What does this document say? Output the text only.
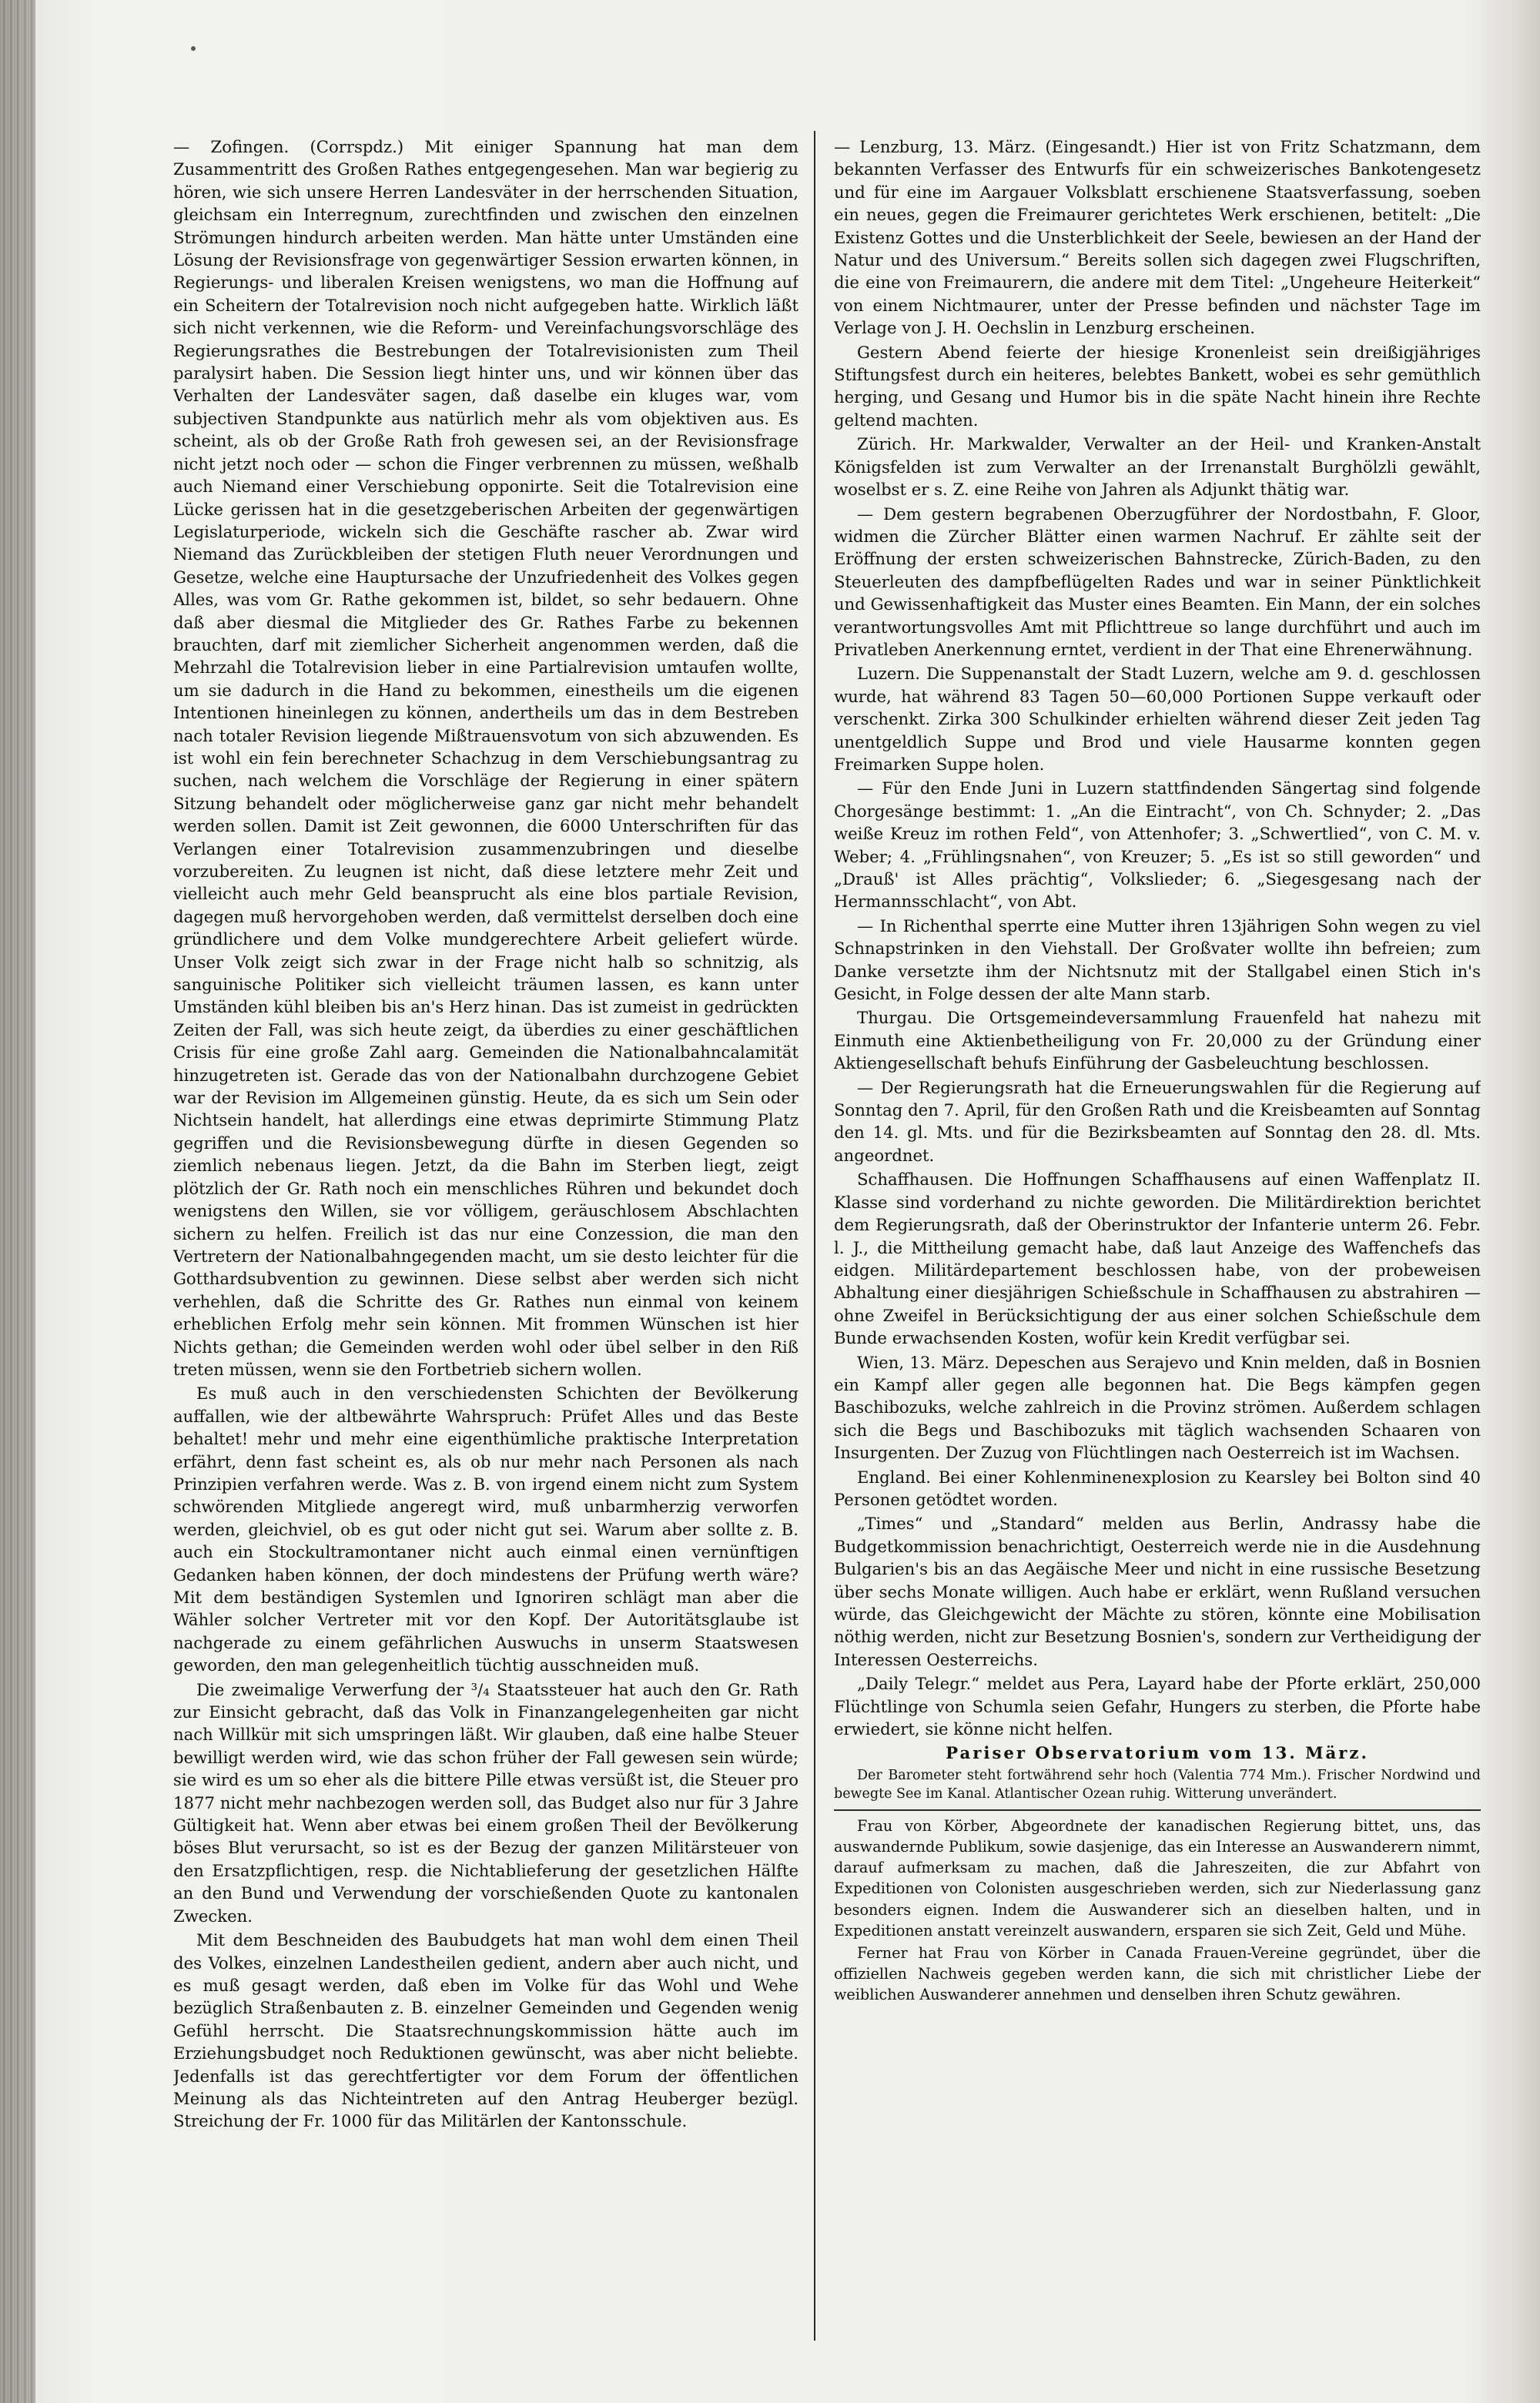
— Zofingen. (Corrspdz.) Mit einiger Spannung hat man dem Zusammentritt des Großen Rathes entgegengesehen. Man war begierig zu hören, wie sich unsere Herren Landesväter in der herrschenden Situation, gleichsam ein Interregnum, zurechtfinden und zwischen den einzelnen Strömungen hindurch arbeiten werden. Man hätte unter Umständen eine Lösung der Revisionsfrage von gegenwärtiger Session erwarten können, in Regierungs- und liberalen Kreisen wenigstens, wo man die Hoffnung auf ein Scheitern der Totalrevision noch nicht aufgegeben hatte. Wirklich läßt sich nicht verkennen, wie die Reform- und Vereinfachungsvorschläge des Regierungsrathes die Bestrebungen der Totalrevisionisten zum Theil paralysirt haben. Die Session liegt hinter uns, und wir können über das Verhalten der Landesväter sagen, daß daselbe ein kluges war, vom subjectiven Standpunkte aus natürlich mehr als vom objektiven aus. Es scheint, als ob der Große Rath froh gewesen sei, an der Revisionsfrage nicht jetzt noch oder — schon die Finger verbrennen zu müssen, weßhalb auch Niemand einer Verschiebung opponirte. Seit die Totalrevision eine Lücke gerissen hat in die gesetzgeberischen Arbeiten der gegenwärtigen Legislaturperiode, wickeln sich die Geschäfte rascher ab. Zwar wird Niemand das Zurückbleiben der stetigen Fluth neuer Verordnungen und Gesetze, welche eine Hauptursache der Unzufriedenheit des Volkes gegen Alles, was vom Gr. Rathe gekommen ist, bildet, so sehr bedauern. Ohne daß aber diesmal die Mitglieder des Gr. Rathes Farbe zu bekennen brauchten, darf mit ziemlicher Sicherheit angenommen werden, daß die Mehrzahl die Totalrevision lieber in eine Partialrevision umtaufen wollte, um sie dadurch in die Hand zu bekommen, einestheils um die eigenen Intentionen hineinlegen zu können, andertheils um das in dem Bestreben nach totaler Revision liegende Mißtrauensvotum von sich abzuwenden. Es ist wohl ein fein berechneter Schachzug in dem Verschiebungsantrag zu suchen, nach welchem die Vorschläge der Regierung in einer spätern Sitzung behandelt oder möglicherweise ganz gar nicht mehr behandelt werden sollen. Damit ist Zeit gewonnen, die 6000 Unterschriften für das Verlangen einer Totalrevision zusammenzubringen und dieselbe vorzubereiten. Zu leugnen ist nicht, daß diese letztere mehr Zeit und vielleicht auch mehr Geld beansprucht als eine blos partiale Revision, dagegen muß hervorgehoben werden, daß vermittelst derselben doch eine gründlichere und dem Volke mundgerechtere Arbeit geliefert würde. Unser Volk zeigt sich zwar in der Frage nicht halb so schnitzig, als sanguinische Politiker sich vielleicht träumen lassen, es kann unter Umständen kühl bleiben bis an's Herz hinan. Das ist zumeist in gedrückten Zeiten der Fall, was sich heute zeigt, da überdies zu einer geschäftlichen Crisis für eine große Zahl aarg. Gemeinden die Nationalbahncalamität hinzugetreten ist. Gerade das von der Nationalbahn durchzogene Gebiet war der Revision im Allgemeinen günstig. Heute, da es sich um Sein oder Nichtsein handelt, hat allerdings eine etwas deprimirte Stimmung Platz gegriffen und die Revisionsbewegung dürfte in diesen Gegenden so ziemlich nebenaus liegen. Jetzt, da die Bahn im Sterben liegt, zeigt plötzlich der Gr. Rath noch ein menschliches Rühren und bekundet doch wenigstens den Willen, sie vor völligem, geräuschlosem Abschlachten sichern zu helfen. Freilich ist das nur eine Conzession, die man den Vertretern der Nationalbahngegenden macht, um sie desto leichter für die Gotthardsubvention zu gewinnen. Diese selbst aber werden sich nicht verhehlen, daß die Schritte des Gr. Rathes nun einmal von keinem erheblichen Erfolg mehr sein können. Mit frommen Wünschen ist hier Nichts gethan; die Gemeinden werden wohl oder übel selber in den Riß treten müssen, wenn sie den Fortbetrieb sichern wollen.

Es muß auch in den verschiedensten Schichten der Bevölkerung auffallen, wie der altbewährte Wahrspruch: Prüfet Alles und das Beste behaltet! mehr und mehr eine eigenthümliche praktische Interpretation erfährt, denn fast scheint es, als ob nur mehr nach Personen als nach Prinzipien verfahren werde. Was z. B. von irgend einem nicht zum System schwörenden Mitgliede angeregt wird, muß unbarmherzig verworfen werden, gleichviel, ob es gut oder nicht gut sei. Warum aber sollte z. B. auch ein Stockultramontaner nicht auch einmal einen vernünftigen Gedanken haben können, der doch mindestens der Prüfung werth wäre? Mit dem beständigen Systemlen und Ignoriren schlägt man aber die Wähler solcher Vertreter mit vor den Kopf. Der Autoritätsglaube ist nachgerade zu einem gefährlichen Auswuchs in unserm Staatswesen geworden, den man gelegenheitlich tüchtig ausschneiden muß.

Die zweimalige Verwerfung der ³/₄ Staatssteuer hat auch den Gr. Rath zur Einsicht gebracht, daß das Volk in Finanzangelegenheiten gar nicht nach Willkür mit sich umspringen läßt. Wir glauben, daß eine halbe Steuer bewilligt werden wird, wie das schon früher der Fall gewesen sein würde; sie wird es um so eher als die bittere Pille etwas versüßt ist, die Steuer pro 1877 nicht mehr nachbezogen werden soll, das Budget also nur für 3 Jahre Gültigkeit hat. Wenn aber etwas bei einem großen Theil der Bevölkerung böses Blut verursacht, so ist es der Bezug der ganzen Militärsteuer von den Ersatzpflichtigen, resp. die Nichtablieferung der gesetzlichen Hälfte an den Bund und Verwendung der vorschießenden Quote zu kantonalen Zwecken.

Mit dem Beschneiden des Baubudgets hat man wohl dem einen Theil des Volkes, einzelnen Landestheilen gedient, andern aber auch nicht, und es muß gesagt werden, daß eben im Volke für das Wohl und Wehe bezüglich Straßenbauten z. B. einzelner Gemeinden und Gegenden wenig Gefühl herrscht. Die Staatsrechnungskommission hätte auch im Erziehungsbudget noch Reduktionen gewünscht, was aber nicht beliebte. Jedenfalls ist das gerechtfertigter vor dem Forum der öffentlichen Meinung als das Nichteintreten auf den Antrag Heuberger bezügl. Streichung der Fr. 1000 für das Militärlen der Kantonsschule.

— Lenzburg, 13. März. (Eingesandt.) Hier ist von Fritz Schatzmann, dem bekannten Verfasser des Entwurfs für ein schweizerisches Bankotengesetz und für eine im Aargauer Volksblatt erschienene Staatsverfassung, soeben ein neues, gegen die Freimaurer gerichtetes Werk erschienen, betitelt: „Die Existenz Gottes und die Unsterblichkeit der Seele, bewiesen an der Hand der Natur und des Universum.“ Bereits sollen sich dagegen zwei Flugschriften, die eine von Freimaurern, die andere mit dem Titel: „Ungeheure Heiterkeit“ von einem Nichtmaurer, unter der Presse befinden und nächster Tage im Verlage von J. H. Oechslin in Lenzburg erscheinen.

Gestern Abend feierte der hiesige Kronenleist sein dreißigjähriges Stiftungsfest durch ein heiteres, belebtes Bankett, wobei es sehr gemüthlich herging, und Gesang und Humor bis in die späte Nacht hinein ihre Rechte geltend machten.

Zürich. Hr. Markwalder, Verwalter an der Heil- und Kranken-Anstalt Königsfelden ist zum Verwalter an der Irrenanstalt Burghölzli gewählt, woselbst er s. Z. eine Reihe von Jahren als Adjunkt thätig war.

— Dem gestern begrabenen Oberzugführer der Nordostbahn, F. Gloor, widmen die Zürcher Blätter einen warmen Nachruf. Er zählte seit der Eröffnung der ersten schweizerischen Bahnstrecke, Zürich-Baden, zu den Steuerleuten des dampfbeflügelten Rades und war in seiner Pünktlichkeit und Gewissenhaftigkeit das Muster eines Beamten. Ein Mann, der ein solches verantwortungsvolles Amt mit Pflichttreue so lange durchführt und auch im Privatleben Anerkennung erntet, verdient in der That eine Ehrenerwähnung.

Luzern. Die Suppenanstalt der Stadt Luzern, welche am 9. d. geschlossen wurde, hat während 83 Tagen 50—60,000 Portionen Suppe verkauft oder verschenkt. Zirka 300 Schulkinder erhielten während dieser Zeit jeden Tag unentgeldlich Suppe und Brod und viele Hausarme konnten gegen Freimarken Suppe holen.

— Für den Ende Juni in Luzern stattfindenden Sängertag sind folgende Chorgesänge bestimmt: 1. „An die Eintracht“, von Ch. Schnyder; 2. „Das weiße Kreuz im rothen Feld“, von Attenhofer; 3. „Schwertlied“, von C. M. v. Weber; 4. „Frühlingsnahen“, von Kreuzer; 5. „Es ist so still geworden“ und „Drauß' ist Alles prächtig“, Volkslieder; 6. „Siegesgesang nach der Hermannsschlacht“, von Abt.

— In Richenthal sperrte eine Mutter ihren 13jährigen Sohn wegen zu viel Schnapstrinken in den Viehstall. Der Großvater wollte ihn befreien; zum Danke versetzte ihm der Nichtsnutz mit der Stallgabel einen Stich in's Gesicht, in Folge dessen der alte Mann starb.

Thurgau. Die Ortsgemeindeversammlung Frauenfeld hat nahezu mit Einmuth eine Aktienbetheiligung von Fr. 20,000 zu der Gründung einer Aktiengesellschaft behufs Einführung der Gasbeleuchtung beschlossen.

— Der Regierungsrath hat die Erneuerungswahlen für die Regierung auf Sonntag den 7. April, für den Großen Rath und die Kreisbeamten auf Sonntag den 14. gl. Mts. und für die Bezirksbeamten auf Sonntag den 28. dl. Mts. angeordnet.

Schaffhausen. Die Hoffnungen Schaffhausens auf einen Waffenplatz II. Klasse sind vorderhand zu nichte geworden. Die Militärdirektion berichtet dem Regierungsrath, daß der Oberinstruktor der Infanterie unterm 26. Febr. l. J., die Mittheilung gemacht habe, daß laut Anzeige des Waffenchefs das eidgen. Militärdepartement beschlossen habe, von der probeweisen Abhaltung einer diesjährigen Schießschule in Schaffhausen zu abstrahiren — ohne Zweifel in Berücksichtigung der aus einer solchen Schießschule dem Bunde erwachsenden Kosten, wofür kein Kredit verfügbar sei.

Wien, 13. März. Depeschen aus Serajevo und Knin melden, daß in Bosnien ein Kampf aller gegen alle begonnen hat. Die Begs kämpfen gegen Baschibozuks, welche zahlreich in die Provinz strömen. Außerdem schlagen sich die Begs und Baschibozuks mit täglich wachsenden Schaaren von Insurgenten. Der Zuzug von Flüchtlingen nach Oesterreich ist im Wachsen.

England. Bei einer Kohlenminenexplosion zu Kearsley bei Bolton sind 40 Personen getödtet worden.

„Times“ und „Standard“ melden aus Berlin, Andrassy habe die Budgetkommission benachrichtigt, Oesterreich werde nie in die Ausdehnung Bulgarien's bis an das Aegäische Meer und nicht in eine russische Besetzung über sechs Monate willigen. Auch habe er erklärt, wenn Rußland versuchen würde, das Gleichgewicht der Mächte zu stören, könnte eine Mobilisation nöthig werden, nicht zur Besetzung Bosnien's, sondern zur Vertheidigung der Interessen Oesterreichs.

„Daily Telegr.“ meldet aus Pera, Layard habe der Pforte erklärt, 250,000 Flüchtlinge von Schumla seien Gefahr, Hungers zu sterben, die Pforte habe erwiedert, sie könne nicht helfen.

Pariser Observatorium vom 13. März.

Der Barometer steht fortwährend sehr hoch (Valentia 774 Mm.). Frischer Nordwind und bewegte See im Kanal. Atlantischer Ozean ruhig. Witterung unverändert.

Frau von Körber, Abgeordnete der kanadischen Regierung bittet, uns, das auswandernde Publikum, sowie dasjenige, das ein Interesse an Auswanderern nimmt, darauf aufmerksam zu machen, daß die Jahreszeiten, die zur Abfahrt von Expeditionen von Colonisten ausgeschrieben werden, sich zur Niederlassung ganz besonders eignen. Indem die Auswanderer sich an dieselben halten, und in Expeditionen anstatt vereinzelt auswandern, ersparen sie sich Zeit, Geld und Mühe.

Ferner hat Frau von Körber in Canada Frauen-Vereine gegründet, über die offiziellen Nachweis gegeben werden kann, die sich mit christlicher Liebe der weiblichen Auswanderer annehmen und denselben ihren Schutz gewähren.
